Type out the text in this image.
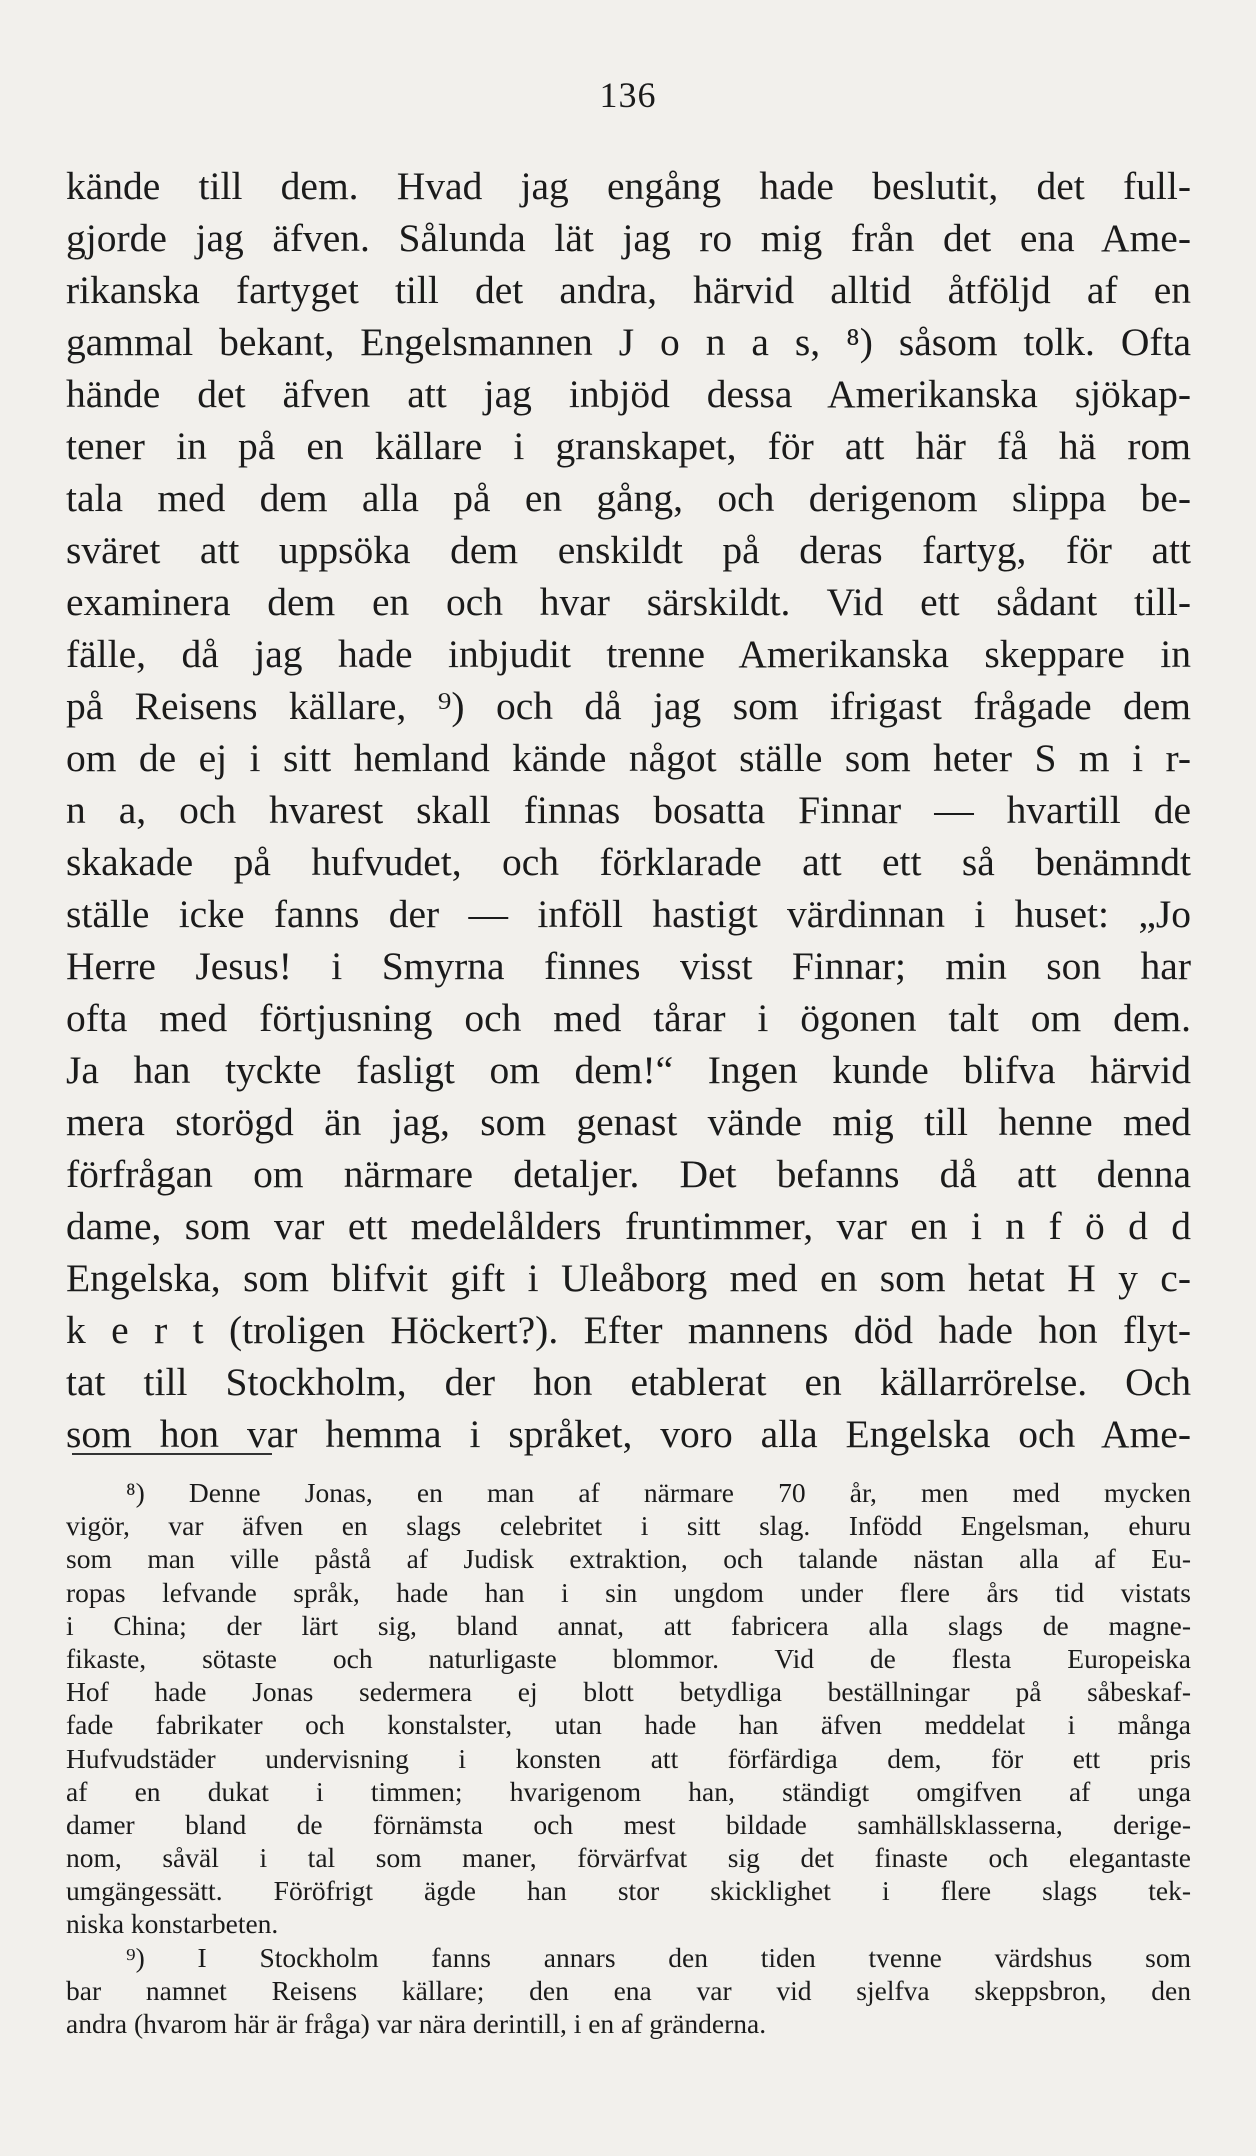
136
kände till dem. Hvad jag engång hade beslutit, det full-
gjorde jag äfven. Sålunda lät jag ro mig från det ena Ame-
rikanska fartyget till det andra, härvid alltid åtföljd af en
gammal bekant, Engelsmannen J o n a s, ⁸) såsom tolk. Ofta
hände det äfven att jag inbjöd dessa Amerikanska sjökap-
tener in på en källare i granskapet, för att här få hä rom
tala med dem alla på en gång, och derigenom slippa be-
sväret att uppsöka dem enskildt på deras fartyg, för att
examinera dem en och hvar särskildt. Vid ett sådant till-
fälle, då jag hade inbjudit trenne Amerikanska skeppare in
på Reisens källare, ⁹) och då jag som ifrigast frågade dem
om de ej i sitt hemland kände något ställe som heter S m i r-
n a, och hvarest skall finnas bosatta Finnar — hvartill de
skakade på hufvudet, och förklarade att ett så benämndt
ställe icke fanns der — inföll hastigt värdinnan i huset: „Jo
Herre Jesus! i Smyrna finnes visst Finnar; min son har
ofta med förtjusning och med tårar i ögonen talt om dem.
Ja han tyckte fasligt om dem!“ Ingen kunde blifva härvid
mera storögd än jag, som genast vände mig till henne med
förfrågan om närmare detaljer. Det befanns då att denna
dame, som var ett medelålders fruntimmer, var en i n f ö d d
Engelska, som blifvit gift i Uleåborg med en som hetat H y c-
k e r t (troligen Höckert?). Efter mannens död hade hon flyt-
tat till Stockholm, der hon etablerat en källarrörelse. Och
som hon var hemma i språket, voro alla Engelska och Ame-
⁸) Denne Jonas, en man af närmare 70 år, men med mycken
vigör, var äfven en slags celebritet i sitt slag. Infödd Engelsman, ehuru
som man ville påstå af Judisk extraktion, och talande nästan alla af Eu-
ropas lefvande språk, hade han i sin ungdom under flere års tid vistats
i China; der lärt sig, bland annat, att fabricera alla slags de magne-
fikaste, sötaste och naturligaste blommor. Vid de flesta Europeiska
Hof hade Jonas sedermera ej blott betydliga beställningar på såbeskaf-
fade fabrikater och konstalster, utan hade han äfven meddelat i många
Hufvudstäder undervisning i konsten att förfärdiga dem, för ett pris
af en dukat i timmen; hvarigenom han, ständigt omgifven af unga
damer bland de förnämsta och mest bildade samhällsklasserna, derige-
nom, såväl i tal som maner, förvärfvat sig det finaste och elegantaste
umgängessätt. Föröfrigt ägde han stor skicklighet i flere slags tek-
niska konstarbeten.
⁹) I Stockholm fanns annars den tiden tvenne värdshus som
bar namnet Reisens källare; den ena var vid sjelfva skeppsbron, den
andra (hvarom här är fråga) var nära derintill, i en af gränderna.
